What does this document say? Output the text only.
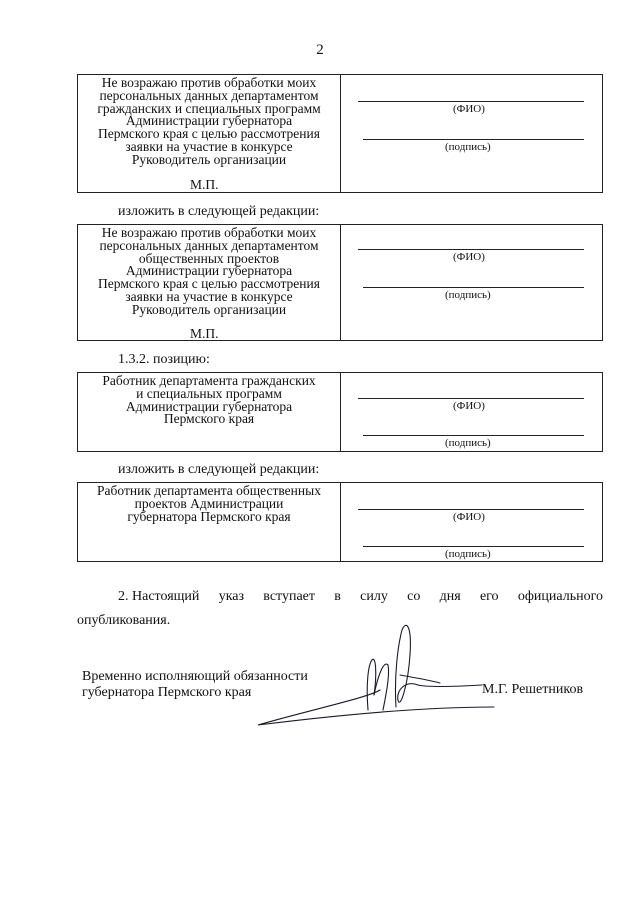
2
Не возражаю против обработки моих
персональных данных департаментом
гражданских и специальных программ
Администрации губернатора
Пермского края с целью рассмотрения
заявки на участие в конкурсе
Руководитель организации
М.П.
(ФИО)
(подпись)
изложить в следующей редакции:
Не возражаю против обработки моих
персональных данных департаментом
общественных проектов
Администрации губернатора
Пермского края с целью рассмотрения
заявки на участие в конкурсе
Руководитель организации
М.П.
(ФИО)
(подпись)
1.3.2. позицию:
Работник департамента гражданских
и специальных программ
Администрации губернатора
Пермского края
(ФИО)
(подпись)
изложить в следующей редакции:
Работник департамента общественных
проектов Администрации
губернатора Пермского края	(ФИО)
(подпись)
2. Настоящий указ вступает в силу со дня его официального
опубликования.
Временно исполняющий обязанности
губернатора Пермского края	М.Г. Решетников
